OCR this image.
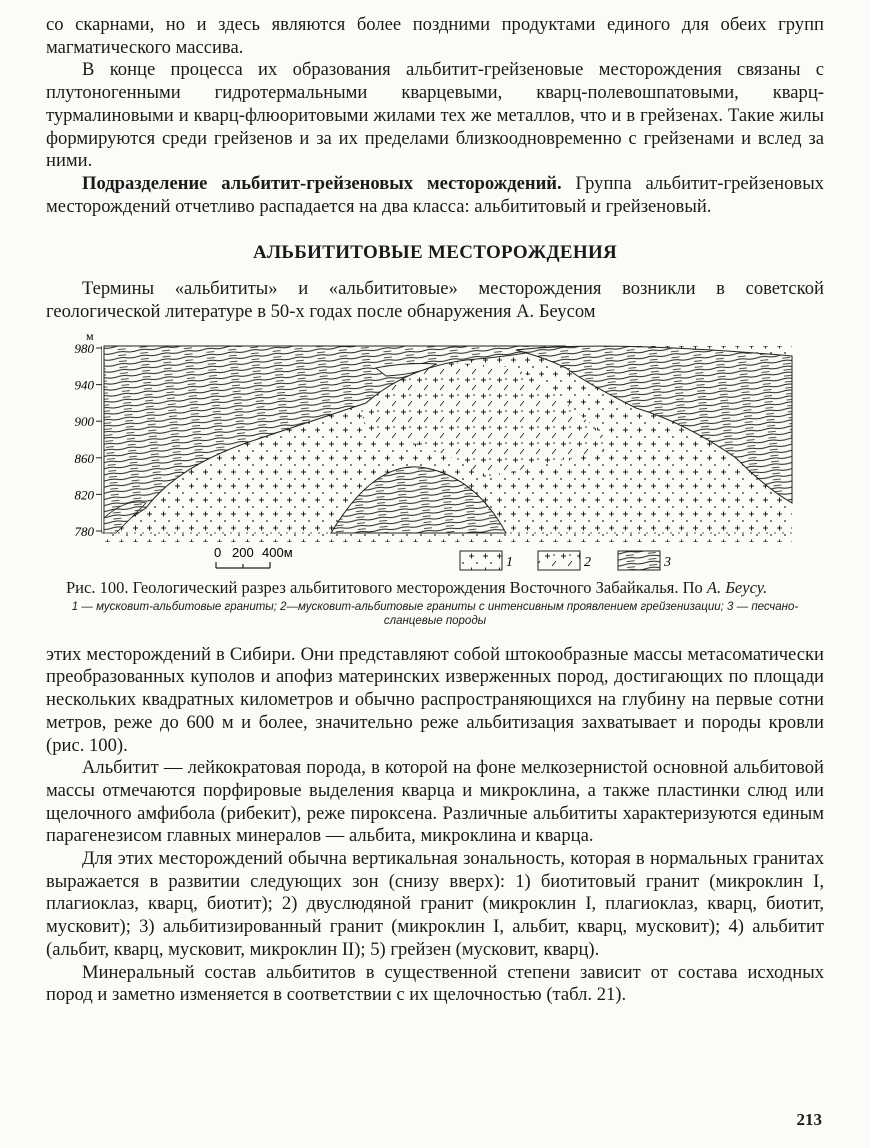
со скарнами, но и здесь являются более поздними продуктами единого для обеих групп магматического массива.

В конце процесса их образования альбитит-грейзеновые месторождения связаны с плутоногенными гидротермальными кварцевыми, кварц-полевошпатовыми, кварц-турмалиновыми и кварц-флюоритовыми жилами тех же металлов, что и в грейзенах. Такие жилы формируются среди грейзенов и за их пределами близкоодновременно с грейзенами и вслед за ними.

Подразделение альбитит-грейзеновых месторождений. Группа альбитит-грейзеновых месторождений отчетливо распадается на два класса: альбититовый и грейзеновый.

АЛЬБИТИТОВЫЕ МЕСТОРОЖДЕНИЯ

Термины «альбититы» и «альбититовые» месторождения возникли в советской геологической литературе в 50-х годах после обнаружения А. Беусом

м
980
940
900
860
820
780
0 200 400м
1	2	3

Рис. 100. Геологический разрез альбититового месторождения Восточного Забайкалья. По А. Беусу.

1 — мусковит-альбитовые граниты; 2—мусковит-альбитовые граниты с интенсивным проявлением грейзенизации; 3 — песчано-сланцевые породы

этих месторождений в Сибири. Они представляют собой штокообразные массы метасоматически преобразованных куполов и апофиз материнских изверженных пород, достигающих по площади нескольких квадратных километров и обычно распространяющихся на глубину на первые сотни метров, реже до 600 м и более, значительно реже альбитизация захватывает и породы кровли (рис. 100).

Альбитит — лейкократовая порода, в которой на фоне мелкозернистой основной альбитовой массы отмечаются порфировые выделения кварца и микроклина, а также пластинки слюд или щелочного амфибола (рибекит), реже пироксена. Различные альбититы характеризуются единым парагенезисом главных минералов — альбита, микроклина и кварца.

Для этих месторождений обычна вертикальная зональность, которая в нормальных гранитах выражается в развитии следующих зон (снизу вверх): 1) биотитовый гранит (микроклин I, плагиоклаз, кварц, биотит); 2) двуслюдяной гранит (микроклин I, плагиоклаз, кварц, биотит, мусковит); 3) альбитизированный гранит (микроклин I, альбит, кварц, мусковит); 4) альбитит (альбит, кварц, мусковит, микроклин II); 5) грейзен (мусковит, кварц).

Минеральный состав альбититов в существенной степени зависит от состава исходных пород и заметно изменяется в соответствии с их щелочностью (табл. 21).

213
